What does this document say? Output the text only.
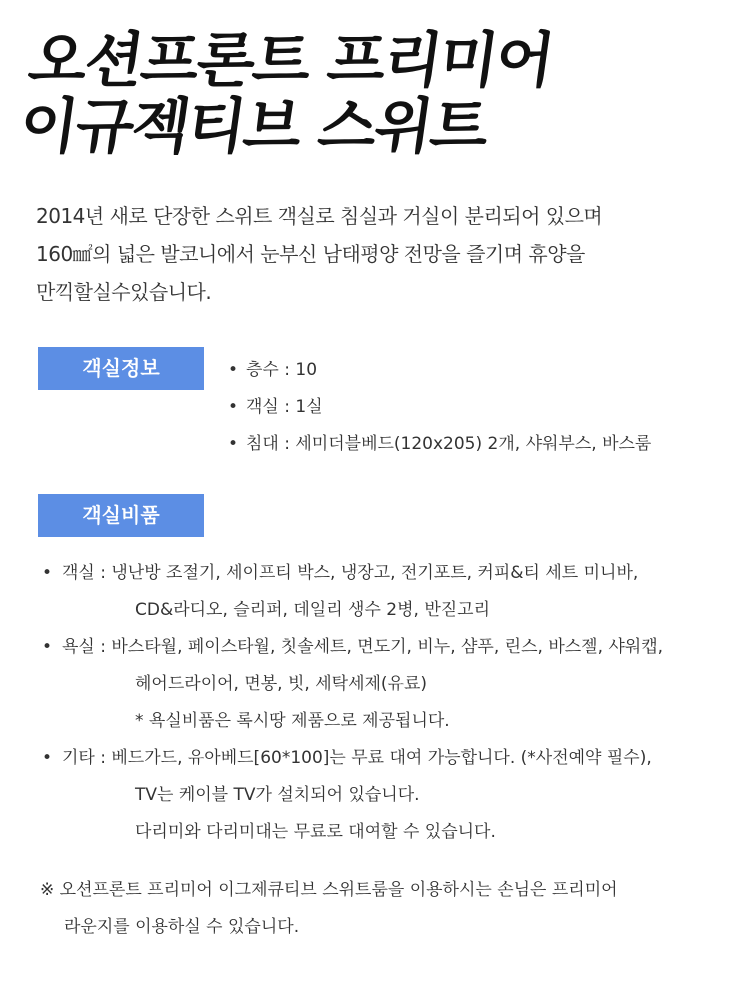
오션프론트 프리미어
이규젝티브 스위트
2014년 새로 단장한 스위트 객실로 침실과 거실이 분리되어 있으며
160㎟의 넓은 발코니에서 눈부신 남태평양 전망을 즐기며 휴양을
만끽할실수있습니다.
객실정보
•	층수 : 10
• 객실 : 1실
• 침대 : 세미더블베드(120x205) 2개, 샤워부스, 바스룸
객실비품
• 객실 : 냉난방 조절기, 세이프티 박스, 냉장고, 전기포트, 커피&티 세트 미니바,
CD&라디오, 슬리퍼, 데일리 생수 2병, 반짇고리
• 욕실 : 바스타월, 페이스타월, 칫솔세트, 면도기, 비누, 샴푸, 린스, 바스젤, 샤워캡,
헤어드라이어, 면봉, 빗, 세탁세제(유료)
* 욕실비품은 록시땅 제품으로 제공됩니다.
• 기타 : 베드가드, 유아베드[60*100]는 무료 대여 가능합니다. (*사전예약 필수),
TV는 케이블 TV가 설치되어 있습니다.
다리미와 다리미대는 무료로 대여할 수 있습니다.
※ 오션프론트 프리미어 이그제큐티브 스위트룸을 이용하시는 손님은 프리미어
라운지를 이용하실 수 있습니다.
